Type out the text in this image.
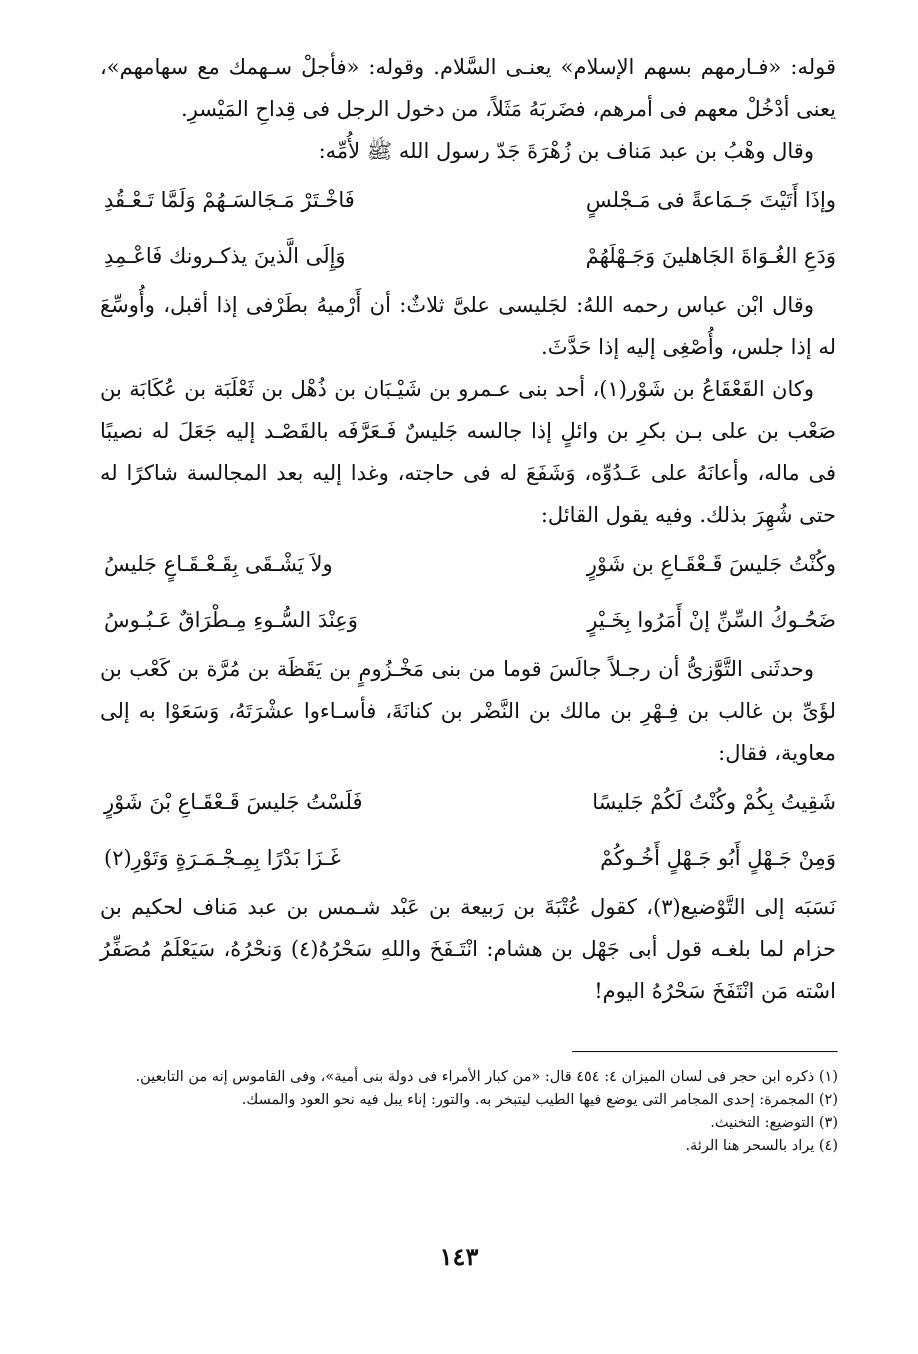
قوله: «فـارمهم بسهم الإسلام» يعنـى السَّلام. وقوله: «فأجلْ سـهمك مع سهامهم»، يعنى أدْخُلْ معهم فى أمرهم، فضَربَهُ مَثَلاً، من دخول الرجل فى قِداحِ المَيْسرِ.

وقال وهْبُ بن عبد مَناف بن زُهْرَةَ جَدّ رسول الله ﷺ لأُمِّه:

وإذَا أَتَيْتَ جَـمَاعةً فى مَـجْلسٍ
فَاخْـتَرْ مَـجَالسَـهُمْ وَلَمَّا تَـعْـقُدِ
وَدَعِ الغُـوَاةَ الجَاهلينَ وَجَـهْلَهُمْ
وَإِلَى الَّذينَ يذكـرونك فَاعْـمِدِ

وقال ابْن عباس رحمه اللهُ: لجَليسى علىَّ ثلاثٌ: أن أَرْميهُ بطَرْفى إذا أقبل، وأُوسِّعَ له إذا جلس، وأُصْغِى إليه إذا حَدَّثَ.

وكان القَعْقَاعُ بن شَوْر(١)، أحد بنى عـمرو بن شَيْـبَان بن ذُهْل بن ثَعْلَبَة بن عُكَابَة بن صَعْب بن على بـن بكرِ بن وائلٍ إذا جالسه جَليسٌ فَـعَرَّفَه بالقَصْـد إليه جَعَلَ له نصيبًا فى ماله، وأعانَهُ على عَـدُوِّه، وَشَفَعَ له فى حاجته، وغدا إليه بعد المجالسة شاكرًا له حتى شُهِرَ بذلك. وفيه يقول القائل:

وكُنْتُ جَليسَ قَـعْقَـاعِ بن شَوْرٍ
ولاَ يَشْـقَى بِقَـعْـقَـاعٍ جَليسُ
ضَحُـوكُ السِّنِّ إنْ أَمَرُوا بِخَـيْرٍ
وَعِنْدَ السُّـوءِ مِـطْرَاقٌ عَـبُـوسُ

وحدثَنى التَّوَّزىُّ أن رجـلاً جالَسَ قوما من بنى مَخْـزُومٍ بن يَقَظَة بن مُرَّة بن كَعْب بن لؤَىِّ بن غالب بن فِـهْرِ بن مالك بن النَّضْر بن كنانَةَ، فأسـاءوا عشْرَتَهُ، وَسَعَوْا به إلى معاوية، فقال:

شَقِيتُ بِكُمْ وكُنْتُ لَكُمْ جَليسًا
فَلَسْتُ جَليسَ قَـعْقَـاعِ بْنَ شَوْرٍ
وَمِنْ جَـهْلٍ أَبُو جَـهْلٍ أَخُـوكُمْ
غَـزَا بَدْرًا بِمِـجْـمَـرَةٍ وَتَوْرِ(٢)

نَسَبَه إلى التَّوْضيع(٣)، كقول عُتْبَةَ بن رَبيعة بن عَبْد شـمس بن عبد مَناف لحكيم بن حزام لما بلغـه قول أبى جَهْل بن هشام: انْتَـفَخَ واللهِ سَحْرُهُ(٤) وَنحْرُهُ، سَيَعْلَمُ مُصَفِّرُ اسْته مَن انْتَفَخَ سَحْرُهُ اليوم!

(١) ذكره ابن حجر فى لسان الميزان ٤: ٤٥٤ قال: «من كبار الأمراء فى دولة بنى أمية»، وفى القاموس إنه من التابعين.

(٢) المجمرة: إحدى المجامر التى يوضع فيها الطيب ليتبخر به. والتور: إناء يبل فيه نحو العود والمسك.

(٣) التوضيع: التخنيث.

(٤) يراد بالسحر هنا الرئة.

١٤٣
